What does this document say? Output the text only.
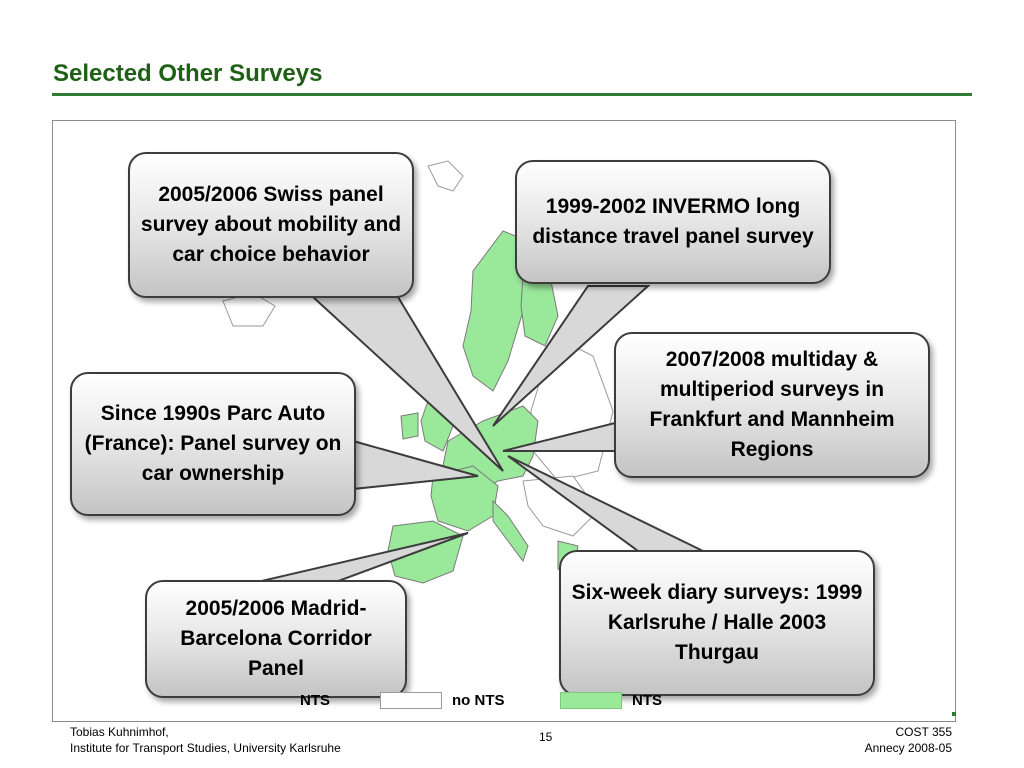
Selected Other Surveys
2005/2006 Swiss panel survey about mobility and car choice behavior
1999-2002 INVERMO long distance travel panel survey
2007/2008 multiday & multiperiod surveys in Frankfurt and Mannheim Regions
Since 1990s Parc Auto (France): Panel survey on car ownership
Six-week diary surveys: 1999 Karlsruhe / Halle 2003 Thurgau
2005/2006 Madrid-Barcelona Corridor Panel
NTS	no NTS	NTS
Tobias Kuhnimhof,
Institute for Transport Studies, University Karlsruhe
15	COST 355
Annecy 2008-05
